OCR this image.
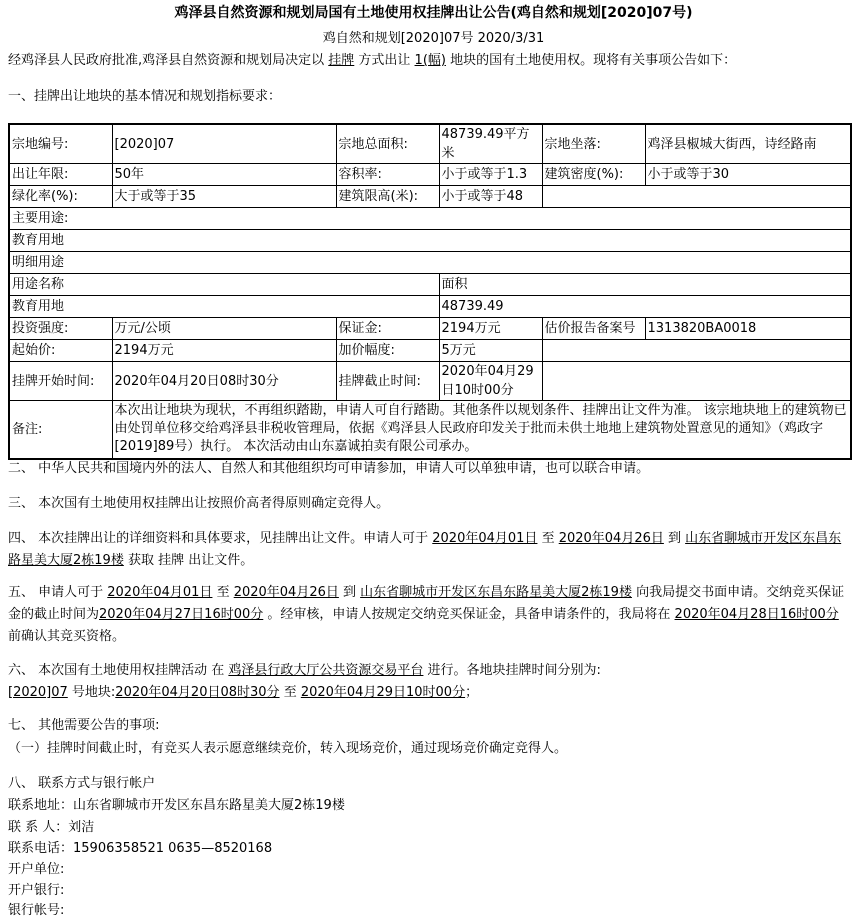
鸡泽县自然资源和规划局国有土地使用权挂牌出让公告(鸡自然和规划[2020]07号)
鸡自然和规划[2020]07号 2020/3/31
经鸡泽县人民政府批准,鸡泽县自然资源和规划局决定以 挂牌 方式出让 1(幅) 地块的国有土地使用权。现将有关事项公告如下：
一、挂牌出让地块的基本情况和规划指标要求：
宗地编号:	[2020]07	宗地总面积:	48739.49平方米	宗地坐落:	鸡泽县椒城大街西，诗经路南
出让年限:	50年	容积率:	小于或等于1.3	建筑密度(%):	小于或等于30
绿化率(%):	大于或等于35	建筑限高(米):	小于或等于48		
主要用途:					
教育用地					
明细用途					
用途名称			面积		
教育用地			48739.49		
投资强度:	万元/公顷	保证金:	2194万元	估价报告备案号	1313820BA0018
起始价:	2194万元	加价幅度:	5万元		
挂牌开始时间:	2020年04月20日08时30分	挂牌截止时间:	2020年04月29日10时00分		
备注:	本次出让地块为现状，不再组织踏勘，申请人可自行踏勘。其他条件以规划条件、挂牌出让文件为准。 该宗地块地上的建筑物已由处罚单位移交给鸡泽县非税收管理局，依据《鸡泽县人民政府印发关于批而未供土地地上建筑物处置意见的通知》（鸡政字[2019]89号）执行。 本次活动由山东嘉诚拍卖有限公司承办。				
二、 中华人民共和国境内外的法人、自然人和其他组织均可申请参加，申请人可以单独申请，也可以联合申请。
三、 本次国有土地使用权挂牌出让按照价高者得原则确定竞得人。
四、 本次挂牌出让的详细资料和具体要求，见挂牌出让文件。申请人可于 2020年04月01日 至 2020年04月26日 到 山东省聊城市开发区东昌东路星美大厦2栋19楼 获取 挂牌 出让文件。
五、 申请人可于 2020年04月01日 至 2020年04月26日 到 山东省聊城市开发区东昌东路星美大厦2栋19楼 向我局提交书面申请。交纳竞买保证金的截止时间为2020年04月27日16时00分 。经审核，申请人按规定交纳竞买保证金，具备申请条件的，我局将在 2020年04月28日16时00分 前确认其竞买资格。
六、 本次国有土地使用权挂牌活动 在 鸡泽县行政大厅公共资源交易平台 进行。各地块挂牌时间分别为:
[2020]07 号地块:2020年04月20日08时30分 至 2020年04月29日10时00分；
七、 其他需要公告的事项:
（一）挂牌时间截止时，有竞买人表示愿意继续竞价，转入现场竞价，通过现场竞价确定竞得人。
八、 联系方式与银行帐户
联系地址：山东省聊城市开发区东昌东路星美大厦2栋19楼
联 系 人：刘洁
联系电话：15906358521 0635—8520168
开户单位:
开户银行:
银行帐号:
